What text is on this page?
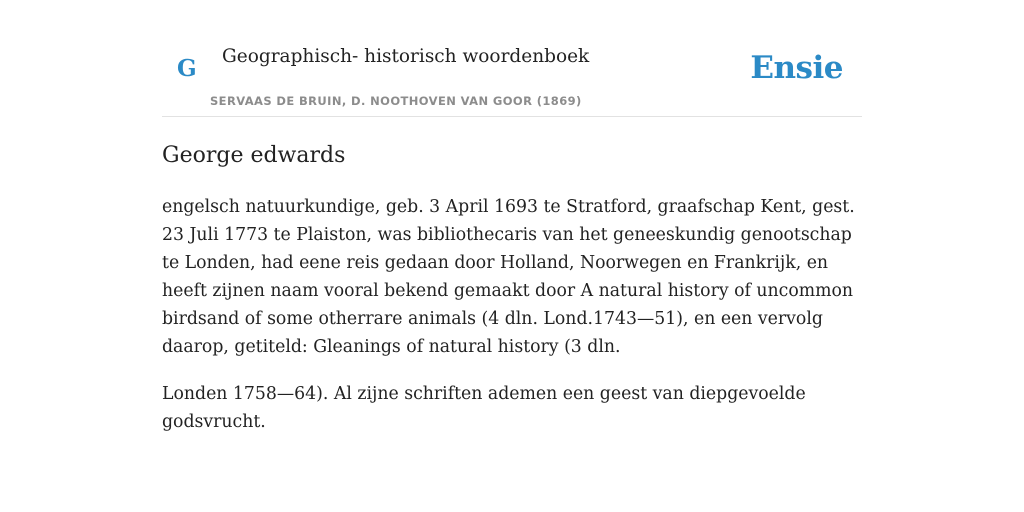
G Geographisch- historisch woordenboek
SERVAAS DE BRUIN, D. NOOTHOVEN VAN GOOR (1869)
Ensie
George edwards

engelsch natuurkundige, geb. 3 April 1693 te Stratford, graafschap Kent, gest. 23 Juli 1773 te Plaiston, was bibliothecaris van het geneeskundig genootschap te Londen, had eene reis gedaan door Holland, Noorwegen en Frankrijk, en heeft zijnen naam vooral bekend gemaakt door A natural history of uncommon birdsand of some otherrare animals (4 dln. Lond.1743—51), en een vervolg daarop, getiteld: Gleanings of natural history (3 dln.

Londen 1758—64). Al zijne schriften ademen een geest van diepgevoelde godsvrucht.
